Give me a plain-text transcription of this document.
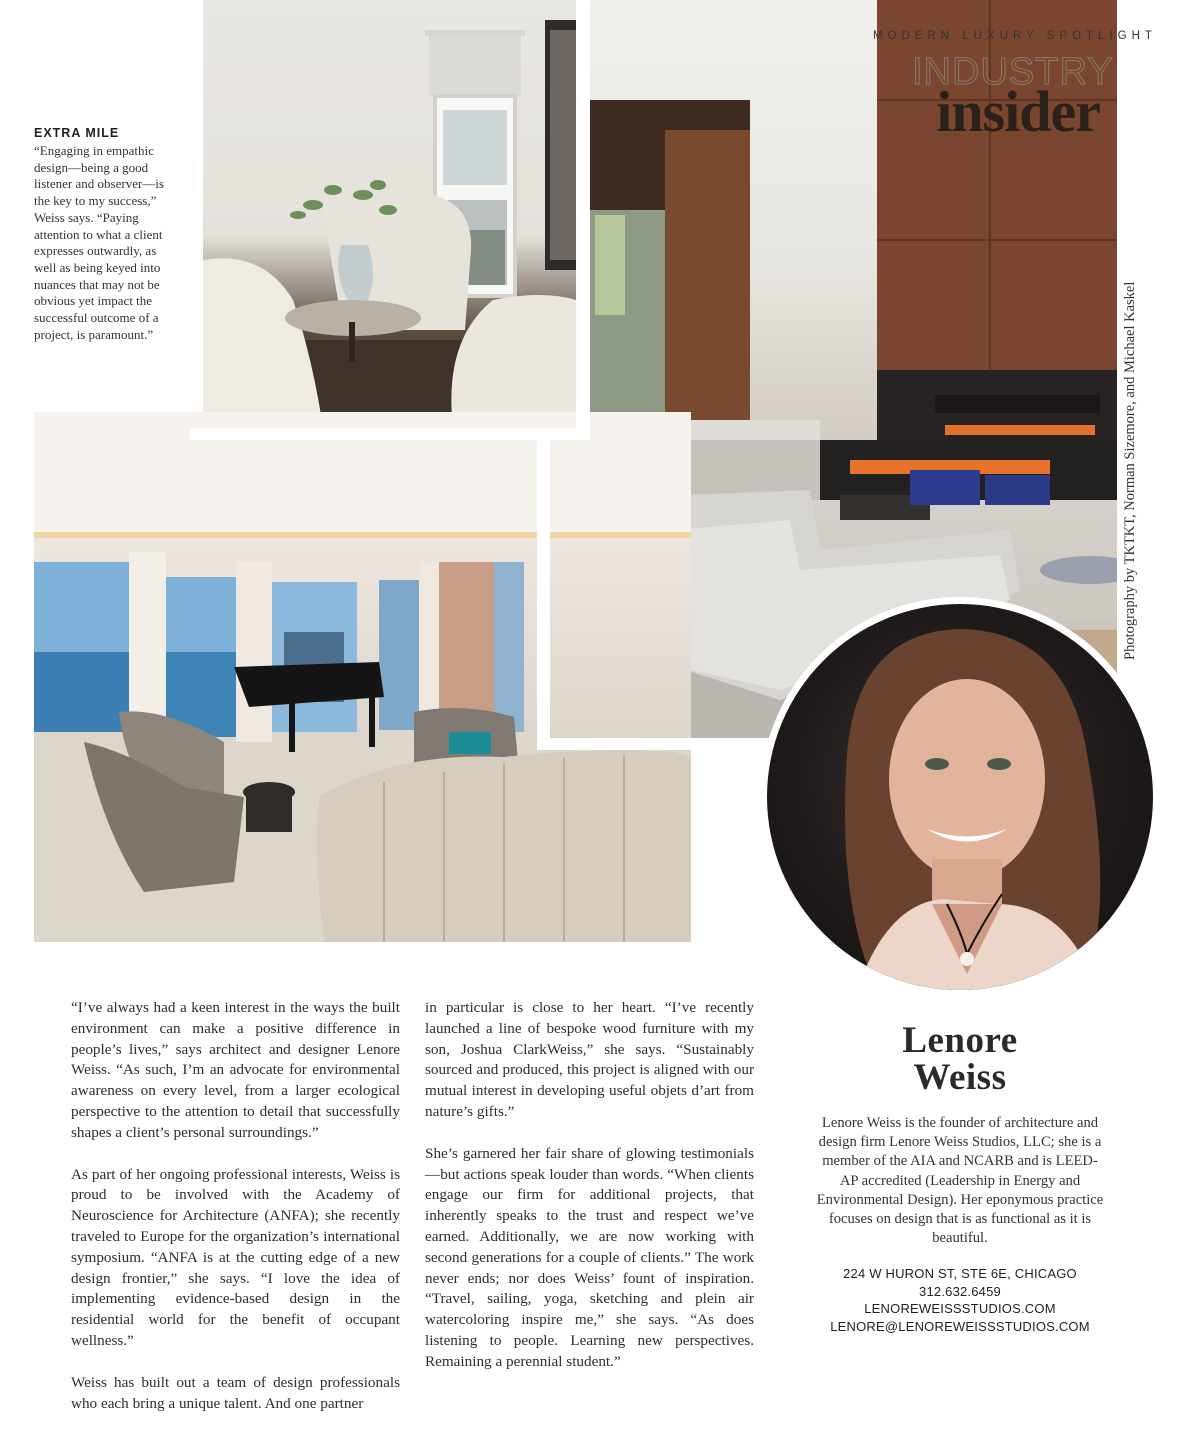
MODERN LUXURY SPOTLIGHT
INDUSTRY
insider
Photography by TKTKT, Norman Sizemore, and Michael Kaskel
EXTRA MILE
“Engaging in empathic design—being a good listener and observer—is the key to my success,” Weiss says. “Paying attention to what a client expresses outwardly, as well as being keyed into nuances that may not be obvious yet impact the successful outcome of a project, is paramount.”

“I’ve always had a keen interest in the ways the built environment can make a positive difference in people’s lives,” says architect and designer Lenore Weiss. “As such, I’m an advocate for environmental awareness on every level, from a larger ecological perspective to the attention to detail that successfully shapes a client’s personal surroundings.”

As part of her ongoing professional interests, Weiss is proud to be involved with the Academy of Neuroscience for Architecture (ANFA); she recently traveled to Europe for the organization’s international symposium. “ANFA is at the cutting edge of a new design frontier,” she says. “I love the idea of implementing evidence-based design in the residential world for the benefit of occupant wellness.”

Weiss has built out a team of design professionals who each bring a unique talent. And one partner

in particular is close to her heart. “I’ve recently launched a line of bespoke wood furniture with my son, Joshua ClarkWeiss,” she says. “Sustainably sourced and produced, this project is aligned with our mutual interest in developing useful objets d’art from nature’s gifts.”

She’s garnered her fair share of glowing testimonials—but actions speak louder than words. “When clients engage our firm for additional projects, that inherently speaks to the trust and respect we’ve earned. Additionally, we are now working with second generations for a couple of clients.” The work never ends; nor does Weiss’ fount of inspiration. “Travel, sailing, yoga, sketching and plein air watercoloring inspire me,” she says. “As does listening to people. Learning new perspectives. Remaining a perennial student.”

Lenore
Weiss
Lenore Weiss is the founder of architecture and design firm Lenore Weiss Studios, LLC; she is a member of the AIA and NCARB and is LEED-AP accredited (Leadership in Energy and Environmental Design). Her eponymous practice focuses on design that is as functional as it is beautiful.
224 W HURON ST, STE 6E, CHICAGO
312.632.6459
LENOREWEISSSTUDIOS.COM
LENORE@LENOREWEISSSTUDIOS.COM
